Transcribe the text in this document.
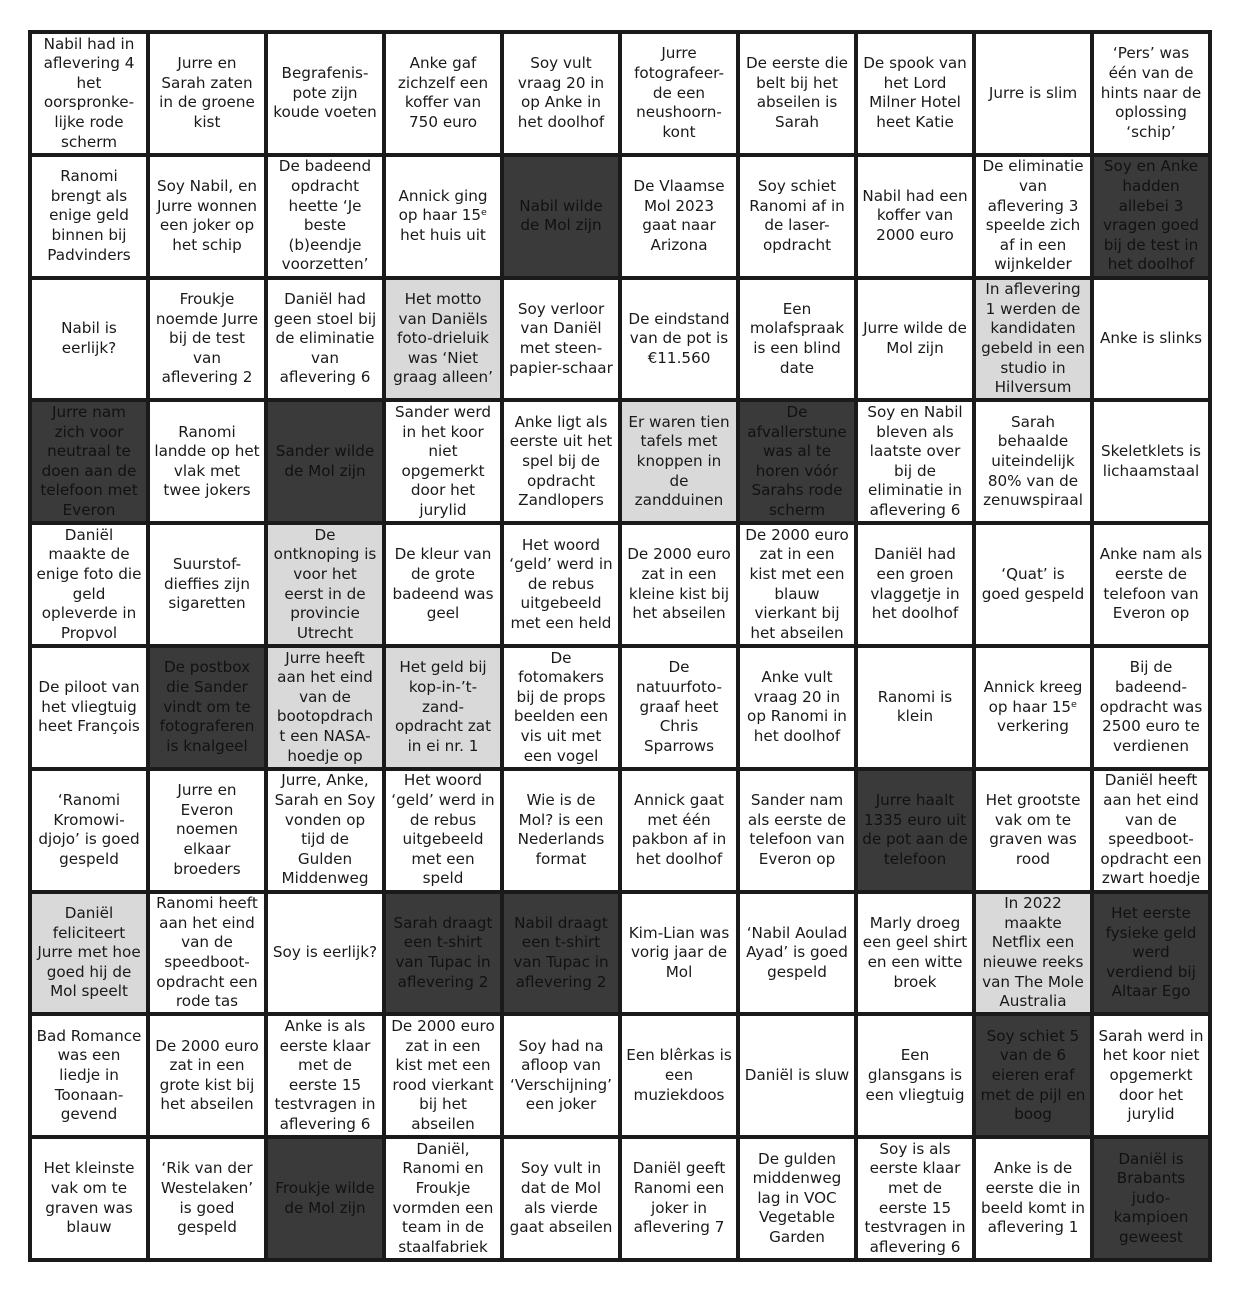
Nabil had in aflevering 4 het oorspronke-lijke rode scherm
Jurre en Sarah zaten in de groene kist
Begrafenis-pote zijn koude voeten
Anke gaf zichzelf een koffer van 750 euro
Soy vult vraag 20 in op Anke in het doolhof
Jurre fotografeer-de een neushoorn-kont
De eerste die belt bij het abseilen is Sarah
De spook van het Lord Milner Hotel heet Katie
Jurre is slim
‘Pers’ was één van de hints naar de oplossing ‘schip’
Ranomi brengt als enige geld binnen bij Padvinders
Soy Nabil, en Jurre wonnen een joker op het schip
De badeend opdracht heette ‘Je beste (b)eendje voorzetten’
Annick ging op haar 15ᵉ het huis uit
Nabil wilde de Mol zijn
De Vlaamse Mol 2023 gaat naar Arizona
Soy schiet Ranomi af in de laser-opdracht
Nabil had een koffer van 2000 euro
De eliminatie van aflevering 3 speelde zich af in een wijnkelder
Soy en Anke hadden allebei 3 vragen goed bij de test in het doolhof
Nabil is eerlijk?
Froukje noemde Jurre bij de test van aflevering 2
Daniël had geen stoel bij de eliminatie van aflevering 6
Het motto van Daniëls foto-drieluik was ‘Niet graag alleen’
Soy verloor van Daniël met steen-papier-schaar
De eindstand van de pot is €11.560
Een molafspraak is een blind date
Jurre wilde de Mol zijn
In aflevering 1 werden de kandidaten gebeld in een studio in Hilversum
Anke is slinks
Jurre nam zich voor neutraal te doen aan de telefoon met Everon
Ranomi landde op het vlak met twee jokers
Sander wilde de Mol zijn
Sander werd in het koor niet opgemerkt door het jurylid
Anke ligt als eerste uit het spel bij de opdracht Zandlopers
Er waren tien tafels met knoppen in de zandduinen
De afvallerstune was al te horen vóór Sarahs rode scherm
Soy en Nabil bleven als laatste over bij de eliminatie in aflevering 6
Sarah behaalde uiteindelijk 80% van de zenuwspiraal
Skeletklets is lichaamstaal
Daniël maakte de enige foto die geld opleverde in Propvol
Suurstof-dieffies zijn sigaretten
De ontknoping is voor het eerst in de provincie Utrecht
De kleur van de grote badeend was geel
Het woord ‘geld’ werd in de rebus uitgebeeld met een held
De 2000 euro zat in een kleine kist bij het abseilen
De 2000 euro zat in een kist met een blauw vierkant bij het abseilen
Daniël had een groen vlaggetje in het doolhof
‘Quat’ is goed gespeld
Anke nam als eerste de telefoon van Everon op
De piloot van het vliegtuig heet François
De postbox die Sander vindt om te fotograferen is knalgeel
Jurre heeft aan het eind van de bootopdrach t een NASA-hoedje op
Het geld bij kop-in-’t-zand-opdracht zat in ei nr. 1
De fotomakers bij de props beelden een vis uit met een vogel
De natuurfoto-graaf heet Chris Sparrows
Anke vult vraag 20 in op Ranomi in het doolhof
Ranomi is klein
Annick kreeg op haar 15ᵉ verkering
Bij de badeend-opdracht was 2500 euro te verdienen
‘Ranomi Kromowi-djojo’ is goed gespeld
Jurre en Everon noemen elkaar broeders
Jurre, Anke, Sarah en Soy vonden op tijd de Gulden Middenweg
Het woord ‘geld’ werd in de rebus uitgebeeld met een speld
Wie is de Mol? is een Nederlands format
Annick gaat met één pakbon af in het doolhof
Sander nam als eerste de telefoon van Everon op
Jurre haalt 1335 euro uit de pot aan de telefoon
Het grootste vak om te graven was rood
Daniël heeft aan het eind van de speedboot-opdracht een zwart hoedje
Daniël feliciteert Jurre met hoe goed hij de Mol speelt
Ranomi heeft aan het eind van de speedboot-opdracht een rode tas
Soy is eerlijk?
Sarah draagt een t-shirt van Tupac in aflevering 2
Nabil draagt een t-shirt van Tupac in aflevering 2
Kim-Lian was vorig jaar de Mol
‘Nabil Aoulad Ayad’ is goed gespeld
Marly droeg een geel shirt en een witte broek
In 2022 maakte Netflix een nieuwe reeks van The Mole Australia
Het eerste fysieke geld werd verdiend bij Altaar Ego
Bad Romance was een liedje in Toonaan-gevend
De 2000 euro zat in een grote kist bij het abseilen
Anke is als eerste klaar met de eerste 15 testvragen in aflevering 6
De 2000 euro zat in een kist met een rood vierkant bij het abseilen
Soy had na afloop van ‘Verschijning’ een joker
Een blêrkas is een muziekdoos
Daniël is sluw
Een glansgans is een vliegtuig
Soy schiet 5 van de 6 eieren eraf met de pijl en boog
Sarah werd in het koor niet opgemerkt door het jurylid
Het kleinste vak om te graven was blauw
‘Rik van der Westelaken’ is goed gespeld
Froukje wilde de Mol zijn
Daniël, Ranomi en Froukje vormden een team in de staalfabriek
Soy vult in dat de Mol als vierde gaat abseilen
Daniël geeft Ranomi een joker in aflevering 7
De gulden middenweg lag in VOC Vegetable Garden
Soy is als eerste klaar met de eerste 15 testvragen in aflevering 6
Anke is de eerste die in beeld komt in aflevering 1
Daniël is Brabants judo-kampioen geweest
